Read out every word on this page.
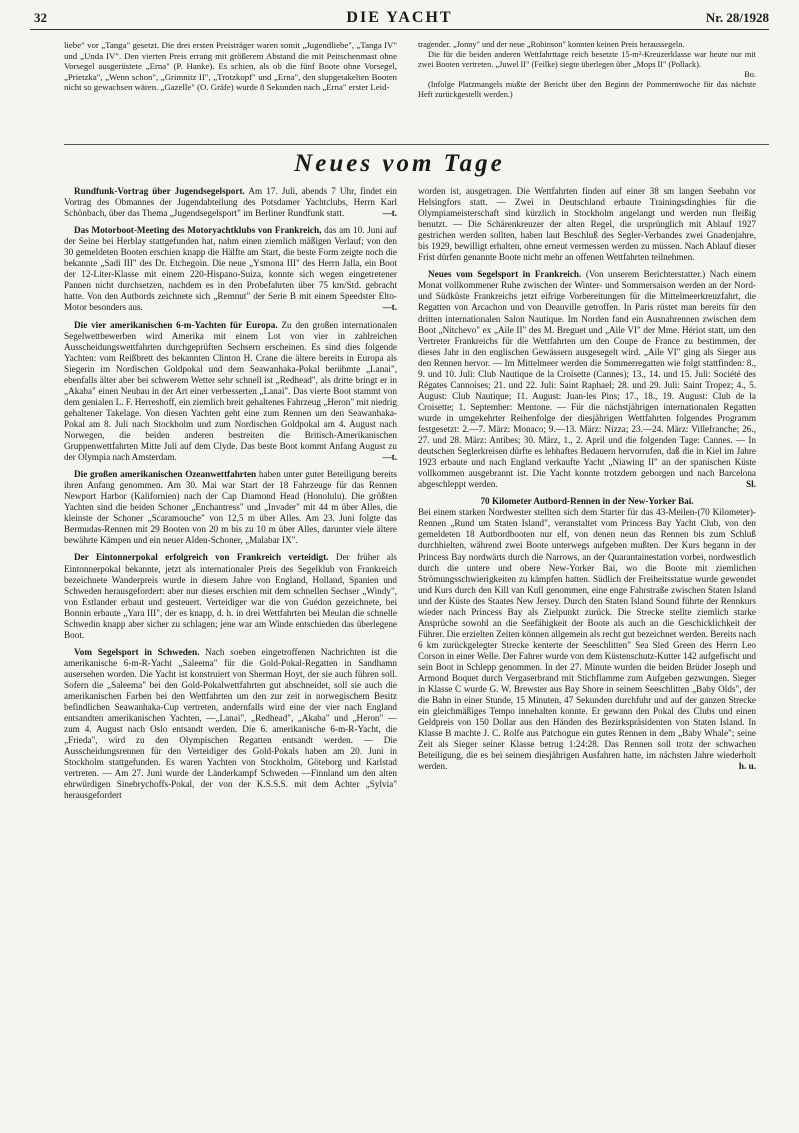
32	DIE YACHT	Nr. 28/1928

liebe" vor „Tanga" gesetzt. Die drei ersten Preisträger waren somit „Jugendliebe", „Tanga IV" und „Unda IV". Den vierten Preis errang mit größerem Abstand die mit Peitschenmast ohne Vorsegel ausgerüstete „Erna" (P. Hanke). Es schien, als ob die fünf Boote ohne Vorsegel, „Prietzka", „Wenn schon", „Grimnitz II", „Trotzkopf" und „Erna", den slupgetakelten Booten nicht so gewachsen wären. „Gazelle" (O. Gräfe) wurde 8 Sekunden nach „Erna" erster Leid-

tragender. „Jonny" und der neue „Robinson" konnten keinen Preis heraussegeln.

Die für die beiden anderen Wettfahrttage reich besetzte 15-m²-Kreuzerklasse war heute nur mit zwei Booten vertreten. „Juwel II" (Feilke) siegte überlegen über „Mops II" (Pollack).

Bo.

(Infolge Platzmangels mußte der Bericht über den Beginn der Pommernwoche für das nächste Heft zurückgestellt werden.)

Neues vom Tage

Rundfunk-Vortrag über Jugendsegelsport. Am 17. Juli, abends 7 Uhr, findet ein Vortrag des Obmannes der Jugendabteilung des Potsdamer Yachtclubs, Herrn Karl Schönbach, über das Thema „Jugendsegelsport" im Berliner Rundfunk statt.	—t.

Das Motorboot-Meeting des Motoryachtklubs von Frankreich, das am 10. Juni auf der Seine bei Herblay stattgefunden hat, nahm einen ziemlich mäßigen Verlauf; von den 30 gemeldeten Booten erschien knapp die Hälfte am Start, die beste Form zeigte noch die bekannte „Sadi III" des Dr. Etchegoin. Die neue „Ysmona III" des Herrn Jalla, ein Boot der 12-Liter-Klasse mit einem 220-Hispano-Suiza, konnte sich wegen eingetretener Pannen nicht durchsetzen, nachdem es in den Probefahrten über 75 km/Std. gebracht hatte. Von den Autbords zeichnete sich „Remnut" der Serie B mit einem Speedster Elto-Motor besonders aus.	—t.

Die vier amerikanischen 6-m-Yachten für Europa. Zu den großen internationalen Segelwettbewerben wird Amerika mit einem Lot von vier in zahlreichen Ausscheidungswettfahrten durchgeprüften Sechsern erscheinen. Es sind dies folgende Yachten: vom Reißbrett des bekannten Clinton H. Crane die ältere bereits in Europa als Siegerin im Nordischen Goldpokal und dem Seawanhaka-Pokal berühmte „Lanai", ebenfalls älter aber bei schwerem Wetter sehr schnell ist „Redhead", als dritte bringt er in „Akaba" einen Neubau in der Art einer verbesserten „Lanai". Das vierte Boot stammt von dem genialen L. F. Herreshoff, ein ziemlich breit gehaltenes Fahrzeug „Heron" mit niedrig gehaltener Takelage. Von diesen Yachten geht eine zum Rennen um den Seawanhaka-Pokal am 8. Juli nach Stockholm und zum Nordischen Goldpokal am 4. August nach Norwegen, die beiden anderen bestreiten die Britisch-Amerikanischen Gruppenwettfahrten Mitte Juli auf dem Clyde. Das beste Boot kommt Anfang August zu der Olympia nach Amsterdam.	—t.

Die großen amerikanischen Ozeanwettfahrten haben unter guter Beteiligung bereits ihren Anfang genommen. Am 30. Mai war Start der 18 Fahrzeuge für das Rennen Newport Harbor (Kalifornien) nach der Cap Diamond Head (Honolulu). Die größten Yachten sind die beiden Schoner „Enchantress" und „Invader" mit 44 m über Alles, die kleinste der Schoner „Scaramouche" von 12,5 m über Alles. Am 23. Juni folgte das Bermudas-Rennen mit 29 Booten von 20 m bis zu 10 m über Alles, darunter viele ältere bewährte Kämpen und ein neuer Alden-Schoner, „Malabar IX".

Der Eintonnerpokal erfolgreich von Frankreich verteidigt. Der früher als Eintonnerpokal bekannte, jetzt als internationaler Preis des Segelklub von Frankreich bezeichnete Wanderpreis wurde in diesem Jahre von England, Holland, Spanien und Schweden herausgefordert: aber nur dieses erschien mit dem schnellen Sechser „Windy", von Estlander erbaut und gesteuert. Verteidiger war die von Guédon gezeichnete, bei Bonnin erbaute „Yara III", der es knapp, d. h. in drei Wettfahrten bei Meulan die schnelle Schwedin knapp aber sicher zu schlagen; jene war am Winde entschieden das überlegene Boot.

Vom Segelsport in Schweden. Nach soeben eingetroffenen Nachrichten ist die amerikanische 6-m-R-Yacht „Saleema" für die Gold-Pokal-Regatten in Sandhamn ausersehen worden. Die Yacht ist konstruiert von Sherman Hoyt, der sie auch führen soll. Sofern die „Saleema" bei den Gold-Pokalwettfahrten gut abschneidet, soll sie auch die amerikanischen Farben bei den Wettfahrten um den zur zeit in norwegischem Besitz befindlichen Seawanhaka-Cup vertreten, andernfalls wird eine der vier nach England entsandten amerikanischen Yachten, —„Lanai", „Redhead", „Akaba" und „Heron" — zum 4. August nach Oslo entsandt werden. Die 6. amerikanische 6-m-R-Yacht, die „Frieda", wird zu den Olympischen Regatten entsandt werden. — Die Ausscheidungsrennen für den Verteidiger des Gold-Pokals haben am 20. Juni in Stockholm stattgefunden. Es waren Yachten von Stockholm, Göteborg und Karlstad vertreten. — Am 27. Juni wurde der Länderkampf Schweden —Finnland um den alten ehrwürdigen Sinebrychoffs-Pokal, der von der K.S.S.S. mit dem Achter „Sylvia" herausgefordert

worden ist, ausgetragen. Die Wettfahrten finden auf einer 38 sm langen Seebahn vor Helsingfors statt. — Zwei in Deutschland erbaute Trainingsdinghies für die Olympiameisterschaft sind kürzlich in Stockholm angelangt und werden nun fleißig benutzt. — Die Schärenkreuzer der alten Regel, die ursprünglich mit Ablauf 1927 gestrichen werden sollten, haben laut Beschluß des Segler-Verbandes zwei Gnadenjahre, bis 1929, bewilligt erhalten, ohne erneut vermessen werden zu müssen. Nach Ablauf dieser Frist dürfen genannte Boote nicht mehr an offenen Wettfahrten teilnehmen.

Neues vom Segelsport in Frankreich. (Von unserem Berichterstatter.) Nach einem Monat vollkommener Ruhe zwischen der Winter- und Sommersaison werden an der Nord- und Südküste Frankreichs jetzt eifrige Vorbereitungen für die Mittelmeerkreuzfahrt, die Regatten von Arcachon und von Deauville getroffen. In Paris rüstet man bereits für den dritten internationalen Salon Nautique. Im Norden fand ein Ausnahrennen zwischen dem Boot „Nitchevo" ex „Aile II" des M. Breguet und „Aile VI" der Mme. Hériot statt, um den Vertreter Frankreichs für die Wettfahrten um den Coupe de France zu bestimmen, der dieses Jahr in den englischen Gewässern ausgesegelt wird. „Aile VI" ging als Sieger aus den Rennen hervor. — Im Mittelmeer werden die Sommerregatten wie folgt stattfinden: 8., 9. und 10. Juli: Club Nautique de la Croisette (Cannes); 13., 14. und 15. Juli: Société des Régates Cannoises; 21. und 22. Juli: Saint Raphael; 28. und 29. Juli: Saint Tropez; 4., 5. August: Club Nautique; 11. August: Juan-les Pins; 17., 18., 19. August: Club de la Croisette; 1. September: Mentone. — Für die nächstjährigen internationalen Regatten wurde in umgekehrter Reihenfolge der diesjährigen Wettfahrten folgendes Programm festgesetzt: 2.—7. März: Monaco; 9.—13. März: Nizza; 23.—24. März: Villefranche; 26., 27. und 28. März: Antibes; 30. März, 1., 2. April und die folgenden Tage: Cannes. — In deutschen Seglerkreisen dürfte es lebhaftes Bedauern hervorrufen, daß die in Kiel im Jahre 1923 erbaute und nach England verkaufte Yacht „Niawing II" an der spanischen Küste vollkommen ausgebrannt ist. Die Yacht konnte trotzdem geborgen und nach Barcelona abgeschleppt werden.	Sl.

70 Kilometer Autbord-Rennen in der New-Yorker Bai.

Bei einem starken Nordwester stellten sich dem Starter für das 43-Meilen-(70 Kilometer)-Rennen „Rund um Staten Island", veranstaltet vom Princess Bay Yacht Club, von den gemeldeten 18 Autbordbooten nur elf, von denen neun das Rennen bis zum Schluß durchhielten, während zwei Boote unterwegs aufgeben mußten. Der Kurs begann in der Princess Bay nordwärts durch die Narrows, an der Quarantainestation vorbei, nordwestlich durch die untere und obere New-Yorker Bai, wo die Boote mit ziemlichen Strömungsschwierigkeiten zu kämpfen hatten. Südlich der Freiheitsstatue wurde gewendet und Kurs durch den Kill van Kull genommen, eine enge Fahrstraße zwischen Staten Island und der Küste des Staates New Jersey. Durch den Staten Island Sound führte der Rennkurs wieder nach Princess Bay als Zielpunkt zurück. Die Strecke stellte ziemlich starke Ansprüche sowohl an die Seefähigkeit der Boote als auch an die Geschicklichkeit der Führer. Die erzielten Zeiten können allgemein als recht gut bezeichnet werden. Bereits nach 6 km zurückgelegter Strecke kenterte der Seeschlitten" Sea Sled Green des Herrn Leo Corson in einer Welle. Der Fahrer wurde von dem Küstenschutz-Kutter 142 aufgefischt und sein Boot in Schlepp genommen. In der 27. Minute wurden die beiden Brüder Joseph und Armond Boquet durch Vergaserbrand mit Stichflamme zum Aufgeben gezwungen. Sieger in Klasse C wurde G. W. Brewster aus Bay Shore in seinem Seeschlitten „Baby Olds", der die Bahn in einer Stunde, 15 Minuten, 47 Sekunden durchfuhr und auf der ganzen Strecke ein gleichmäßiges Tempo innehalten konnte. Er gewann den Pokal des Clubs und einen Geldpreis von 150 Dollar aus den Händen des Bezirkspräsidenten von Staten Island. In Klasse B machte J. C. Rolfe aus Patchogue ein gutes Rennen in dem „Baby Whale"; seine Zeit als Sieger seiner Klasse betrug 1:24:28. Das Rennen soll trotz der schwachen Beteiligung, die es bei seinem diesjährigen Ausfahren hatte, im nächsten Jahre wiederholt werden.	h. u.
